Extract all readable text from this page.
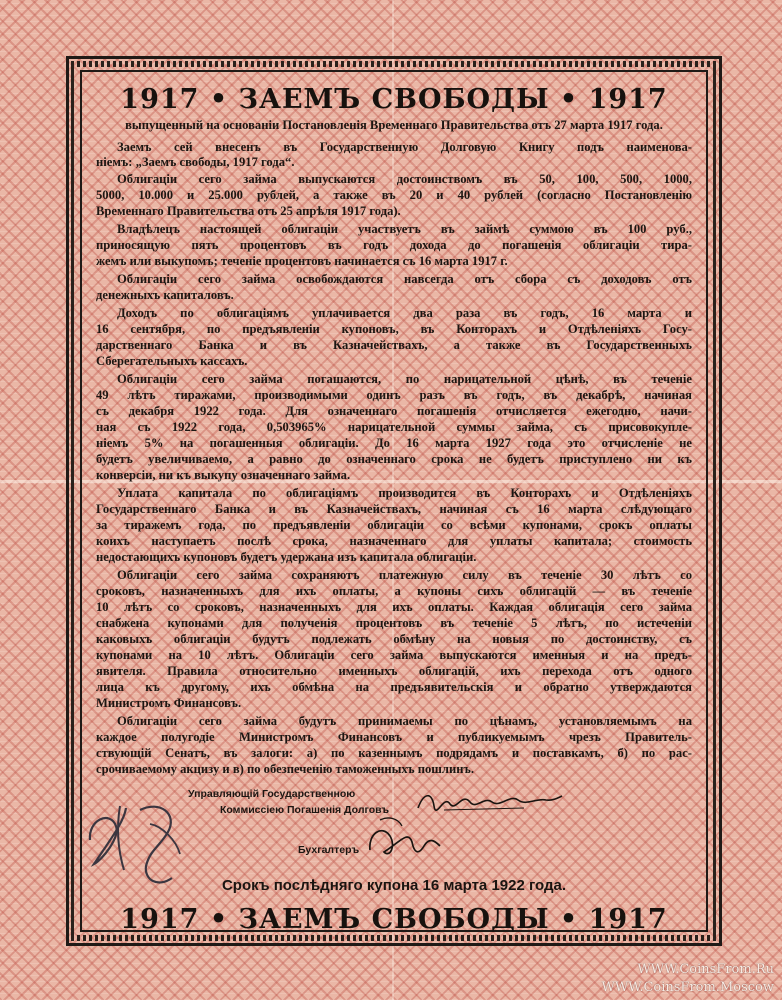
1917 • ЗАЕМЪ СВОБОДЫ • 1917
выпущенный на основаніи Постановленія Временнаго Правительства отъ 27 марта 1917 года.
Заемъ сей внесенъ въ Государственную Долговую Книгу подъ наименова-
ніемъ: „Заемъ свободы, 1917 года“.
Облигаціи сего займа выпускаются достоинствомъ въ 50, 100, 500, 1000,
5000, 10.000 и 25.000 рублей, а также въ 20 и 40 рублей (согласно Постановленію
Временнаго Правительства отъ 25 апрѣля 1917 года).
Владѣлецъ настоящей облигаціи участвуетъ въ займѣ суммою въ 100 руб.,
приносящую пять процентовъ въ годъ дохода до погашенія облигаціи тира-
жемъ или выкупомъ; теченіе процентовъ начинается съ 16 марта 1917 г.
Облигаціи сего займа освобождаются навсегда отъ сбора съ доходовъ отъ
денежныхъ капиталовъ.
Доходъ по облигаціямъ уплачивается два раза въ годъ, 16 марта и
16 сентября, по предъявленіи купоновъ, въ Конторахъ и Отдѣленіяхъ Госу-
дарственнаго Банка и въ Казначействахъ, а также въ Государственныхъ
Сберегательныхъ кассахъ.
Облигаціи сего займа погашаются, по нарицательной цѣнѣ, въ теченіе
49 лѣтъ тиражами, производимыми одинъ разъ въ годъ, въ декабрѣ, начиная
съ декабря 1922 года. Для означеннаго погашенія отчисляется ежегодно, начи-
ная съ 1922 года, 0,503965% нарицательной суммы займа, съ присовокупле-
ніемъ 5% на погашенныя облигаціи. До 16 марта 1927 года это отчисленіе не
будетъ увеличиваемо, а равно до означеннаго срока не будетъ приступлено ни къ
конверсіи, ни къ выкупу означеннаго займа.
Уплата капитала по облигаціямъ производится въ Конторахъ и Отдѣленіяхъ
Государственнаго Банка и въ Казначействахъ, начиная съ 16 марта слѣдующаго
за тиражемъ года, по предъявленіи облигаціи со всѣми купонами, срокъ оплаты
коихъ наступаетъ послѣ срока, назначеннаго для уплаты капитала; стоимость
недостающихъ купоновъ будетъ удержана изъ капитала облигаціи.
Облигаціи сего займа сохраняютъ платежную силу въ теченіе 30 лѣтъ со
сроковъ, назначенныхъ для ихъ оплаты, а купоны сихъ облигацій — въ теченіе
10 лѣтъ со сроковъ, назначенныхъ для ихъ оплаты. Каждая облигація сего займа
снабжена купонами для полученія процентовъ въ теченіе 5 лѣтъ, по истеченіи
каковыхъ облигаціи будутъ подлежать обмѣну на новыя по достоинству, съ
купонами на 10 лѣтъ. Облигаціи сего займа выпускаются именныя и на предъ-
явителя. Правила относительно именныхъ облигацій, ихъ перехода отъ одного
лица къ другому, ихъ обмѣна на предъявительскія и обратно утверждаются
Министромъ Финансовъ.
Облигаціи сего займа будутъ принимаемы по цѣнамъ, установляемымъ на
каждое полугодіе Министромъ Финансовъ и публикуемымъ чрезъ Правитель-
ствующій Сенатъ, въ залоги: а) по казеннымъ подрядамъ и поставкамъ, б) по рас-
срочиваемому акцизу и в) по обезпеченію таможенныхъ пошлинъ.
Управляющій Государственною
Коммиссіею Погашенія Долговъ
Бухгалтеръ
Срокъ послѣдняго купона 16 марта 1922 года.
1917 • ЗАЕМЪ СВОБОДЫ • 1917
WWW.CoinsFrom.Ru
WWW.CoinsFrom.Moscow
